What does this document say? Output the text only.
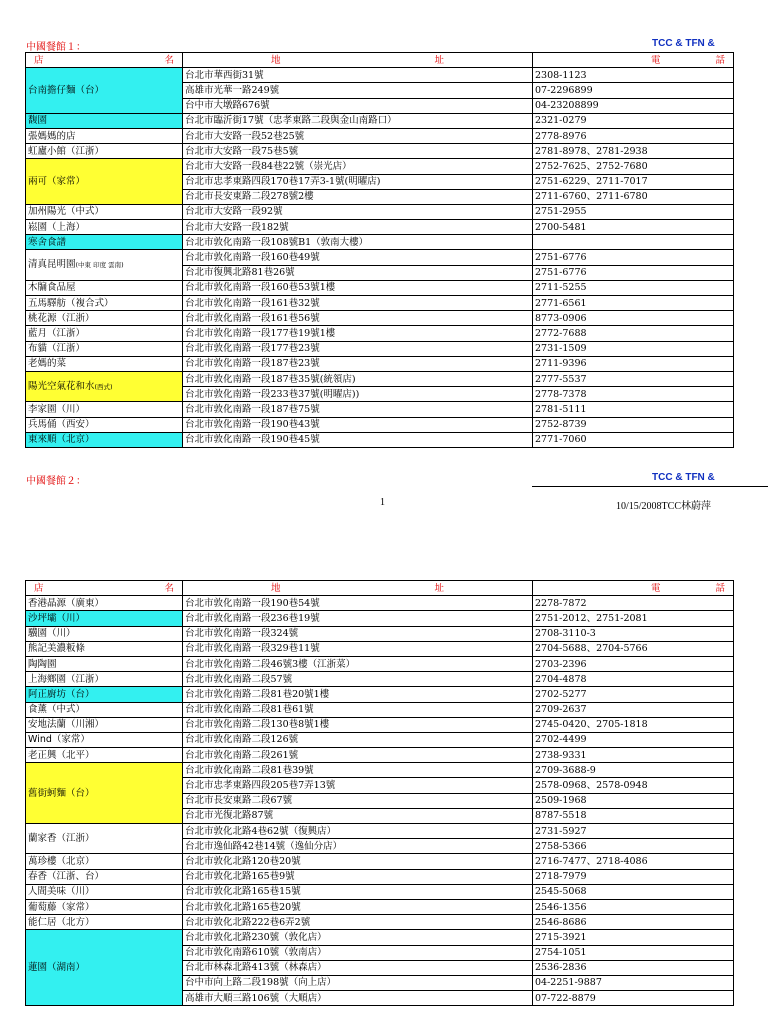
中國餐館１：	TCC & TFN &
店 名	地 址	電 話

台南擔仔麵（台）	台北市華西街31號	2308-1123
	高雄市光華一路249號	07-2296899
	台中市大墩路676號	04-23208899
馥園	台北市臨沂街17號（忠孝東路二段與金山南路口）	2321-0279
張媽媽的店	台北市大安路一段52巷25號	2778-8976
虹廬小館（江浙）	台北市大安路一段75巷5號	2781-8978、2781-2938
兩可（家常）	台北市大安路一段84巷22號（崇光店）	2752-7625、2752-7680
	台北市忠孝東路四段170巷17弄3-1號(明曜店)	2751-6229、2711-7017
	台北市長安東路二段278號2樓	2711-6760、2711-6780
加州陽光（中式）	台北市大安路一段92號	2751-2955
崧園（上海）	台北市大安路一段182號	2700-5481
寒舍食譜	台北市敦化南路一段108號B1（敦南大樓）	
清真昆明園(中東 印度 雲南)	台北市敦化南路一段160巷49號	2751-6776
	台北市復興北路81巷26號	2751-6776
木牖食品屋	台北市敦化南路一段160巷53號1樓	2711-5255
五馬驛舫（複合式）	台北市敦化南路一段161巷32號	2771-6561
桃花源（江浙）	台北市敦化南路一段161巷56號	8773-0906
藍月（江浙）	台北市敦化南路一段177巷19號1樓	2772-7688
布貓（江浙）	台北市敦化南路一段177巷23號	2731-1509
老媽的菜	台北市敦化南路一段187巷23號	2711-9396
陽光空氣花和水(西式)	台北市敦化南路一段187巷35號(統領店)	2777-5537
	台北市敦化南路一段233巷37號(明曜店))	2778-7378
李家園（川）	台北市敦化南路一段187巷75號	2781-5111
兵馬俑（西安）	台北市敦化南路一段190巷43號	2752-8739
東來順（北京）	台北市敦化南路一段190巷45號	2771-7060
中國餐館２：	TCC & TFN &
1	10/15/2008TCC林蔚萍
店 名	地 址	電 話

香港晶源（廣東）	台北市敦化南路一段190巷54號	2278-7872
沙坪壩（川）	台北市敦化南路一段236巷19號	2751-2012、2751-2081
驥園（川）	台北市敦化南路一段324號	2708-3110-3
熊記美濃粄條	台北市敦化南路一段329巷11號	2704-5688、2704-5766
陶陶園	台北市敦化南路二段46號3樓（江浙菜）	2703-2396
上海鄉園（江浙）	台北市敦化南路二段57號	2704-4878
阿正廚坊（台）	台北市敦化南路二段81巷20號1樓	2702-5277
食薰（中式）	台北市敦化南路二段81巷61號	2709-2637
安地法蘭（川湘）	台北市敦化南路二段130巷8號1樓	2745-0420、2705-1818
Wind（家常）	台北市敦化南路二段126號	2702-4499
老正興（北平）	台北市敦化南路二段261號	2738-9331
舊街蚵麵（台）	台北市敦化南路二段81巷39號	2709-3688-9
	台北市忠孝東路四段205巷7弄13號	2578-0968、2578-0948
	台北市長安東路二段67號	2509-1968
	台北市光復北路87號	8787-5518
蘭家香（江浙）	台北市敦化北路4巷62號（復興店）	2731-5927
	台北市逸仙路42巷14號（逸仙分店）	2758-5366
萬珍樓（北京）	台北市敦化北路120巷20號	2716-7477、2718-4086
春香（江浙、台）	台北市敦化北路165巷9號	2718-7979
人間美味（川）	台北市敦化北路165巷15號	2545-5068
葡萄藤（家常）	台北市敦化北路165巷20號	2546-1356
能仁居（北方）	台北市敦化北路222巷6弄2號	2546-8686
蓮園（湖南）	台北市敦化北路230號（敦化店）	2715-3921
	台北市敦化南路610號（敦南店）	2754-1051
	台北市林森北路413號（林森店）	2536-2836
	台中市向上路二段198號（向上店）	04-2251-9887
	高雄市大順三路106號（大順店）	07-722-8879
